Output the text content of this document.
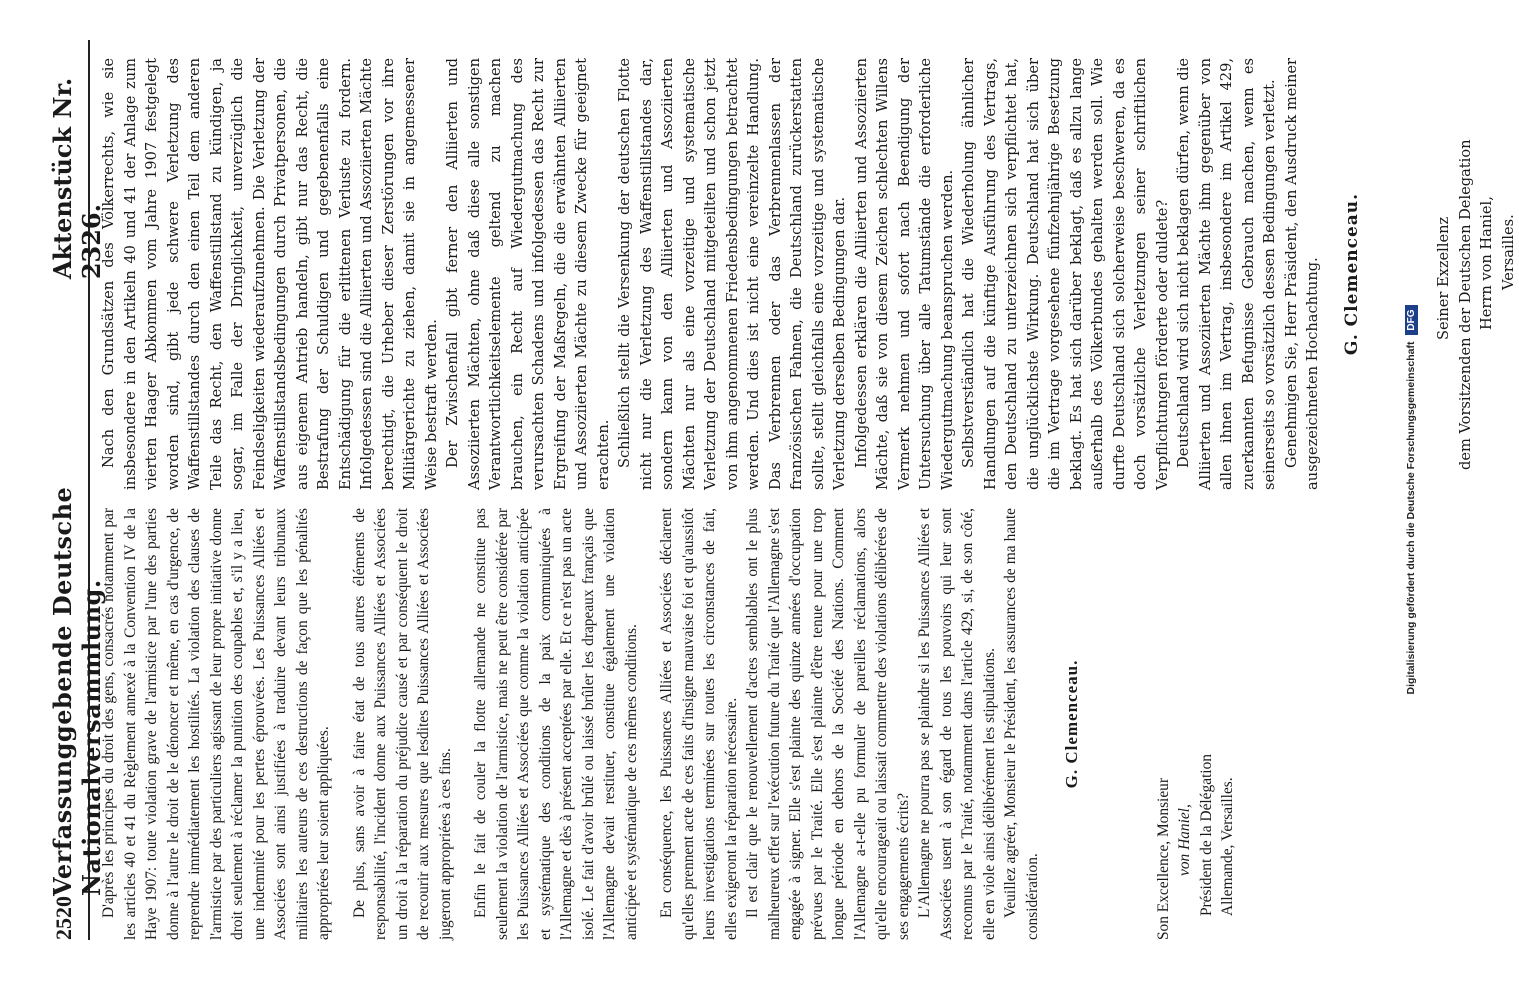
2520
Verfassunggebende Deutsche Nationalversammlung.
Aktenstück Nr. 2326.

D'après les principes du droit des gens, consacrés notamment par les articles 40 et 41 du Règlement annexé à la Convention IV de la Haye 1907: toute violation grave de l'armistice par l'une des parties donne à l'autre le droit de le dénoncer et même, en cas d'urgence, de reprendre immédiatement les hostilités. La violation des clauses de l'armistice par des particuliers agissant de leur propre initiative donne droit seulement à réclamer la punition des coupables et, s'il y a lieu, une indemnité pour les pertes éprouvées. Les Puissances Alliées et Associées sont ainsi justifiées à traduire devant leurs tribunaux militaires les auteurs de ces destructions de façon que les pénalités appropriées leur soient appliquées. De plus, sans avoir à faire état de tous autres éléments de responsabilité, l'incident donne aux Puissances Alliées et Associées un droit à la réparation du préjudice causé et par conséquent le droit de recourir aux mesures que lesdites Puissances Alliées et Associées jugeront appropriées à ces fins. Enfin le fait de couler la flotte allemande ne constitue pas seulement la violation de l'armistice, mais ne peut être considérée par les Puissances Alliées et Associées que comme la violation anticipée et systématique des conditions de la paix communiquées à l'Allemagne et dès à présent acceptées par elle. Et ce n'est pas un acte isolé. Le fait d'avoir brûlé ou laissé brûler les drapeaux français que l'Allemagne devait restituer, constitue également une violation anticipée et systématique de ces mêmes conditions. En conséquence, les Puissances Alliées et Associées déclarent qu'elles prennent acte de ces faits d'insigne mauvaise foi et qu'aussitôt leurs investigations terminées sur toutes les circonstances de fait, elles exigeront la réparation nécessaire. Il est clair que le renouvellement d'actes semblables ont le plus malheureux effet sur l'exécution future du Traité que l'Allemagne s'est engagée à signer. Elle s'est plainte des quinze années d'occupation prévues par le Traité. Elle s'est plainte d'être tenue pour une trop longue période en dehors de la Société des Nations. Comment l'Allemagne a-t-elle pu formuler de pareilles réclamations, alors qu'elle encourageait ou laissait commettre des violations délibérées de ses engagements écrits? L'Allemagne ne pourra pas se plaindre si les Puissances Alliées et Associées usent à son égard de tous les pouvoirs qui leur sont reconnus par le Traité, notamment dans l'article 429, si, de son côté, elle en viole ainsi délibérément les stipulations. Veuillez agréer, Monsieur le Président, les assurances de ma haute considération.

G. Clemenceau.
Son Excellence, Monsieur von Haniel, Président de la Délégation Allemande, Versailles.

Nach den Grundsätzen des Völkerrechts, wie sie insbesondere in den Artikeln 40 und 41 der Anlage zum vierten Haager Abkommen vom Jahre 1907 festgelegt worden sind, gibt jede schwere Verletzung des Waffenstillstandes durch den einen Teil dem anderen Teile das Recht, den Waffenstillstand zu kündigen, ja sogar, im Falle der Dringlichkeit, unverzüglich die Feindseligkeiten wiederaufzunehmen. Die Verletzung der Waffenstillstandsbedingungen durch Privatpersonen, die aus eigenem Antrieb handeln, gibt nur das Recht, die Bestrafung der Schuldigen und gegebenenfalls eine Entschädigung für die erlittenen Verluste zu fordern. Infolgedessen sind die Alliierten und Assoziierten Mächte berechtigt, die Urheber dieser Zerstörungen vor ihre Militärgerichte zu ziehen, damit sie in angemessener Weise bestraft werden. Der Zwischenfall gibt ferner den Alliierten und Assoziierten Mächten, ohne daß diese alle sonstigen Verantwortlichkeitselemente geltend zu machen brauchen, ein Recht auf Wiedergutmachung des verursachten Schadens und infolgedessen das Recht zur Ergreifung der Maßregeln, die die erwähnten Alliierten und Assoziierten Mächte zu diesem Zwecke für geeignet erachten. Schließlich stellt die Versenkung der deutschen Flotte nicht nur die Verletzung des Waffenstillstandes dar, sondern kann von den Alliierten und Assoziierten Mächten nur als eine vorzeitige und systematische Verletzung der Deutschland mitgeteilten und schon jetzt von ihm angenommenen Friedensbedingungen betrachtet werden. Und dies ist nicht eine vereinzelte Handlung. Das Verbrennen oder das Verbrennenlassen der französischen Fahnen, die Deutschland zurückerstatten sollte, stellt gleichfalls eine vorzeitige und systematische Verletzung derselben Bedingungen dar. Infolgedessen erklären die Alliierten und Assoziierten Mächte, daß sie von diesem Zeichen schlechten Willens Vermerk nehmen und sofort nach Beendigung der Untersuchung über alle Tatumstände die erforderliche Wiedergutmachung beanspruchen werden. Selbstverständlich hat die Wiederholung ähnlicher Handlungen auf die künftige Ausführung des Vertrags, den Deutschland zu unterzeichnen sich verpflichtet hat, die unglücklichste Wirkung. Deutschland hat sich über die im Vertrage vorgesehene fünfzehnjährige Besetzung beklagt. Es hat sich darüber beklagt, daß es allzu lange außerhalb des Völkerbundes gehalten werden soll. Wie durfte Deutschland sich solcherweise beschweren, da es doch vorsätzliche Verletzungen seiner schriftlichen Verpflichtungen förderte oder duldete? Deutschland wird sich nicht beklagen dürfen, wenn die Alliierten und Assoziierten Mächte ihm gegenüber von allen ihnen im Vertrag, insbesondere im Artikel 429, zuerkannten Befugnisse Gebrauch machen, wenn es seinerseits so vorsätzlich dessen Bedingungen verletzt. Genehmigen Sie, Herr Präsident, den Ausdruck meiner ausgezeichneten Hochachtung. G. Clemenceau.	Seiner Exzellenz dem Vorsitzenden der Deutschen Delegation Herrn von Haniel, Versailles.
Digitalisierung gefördert durch die Deutsche Forschungsgemeinschaft DFG
